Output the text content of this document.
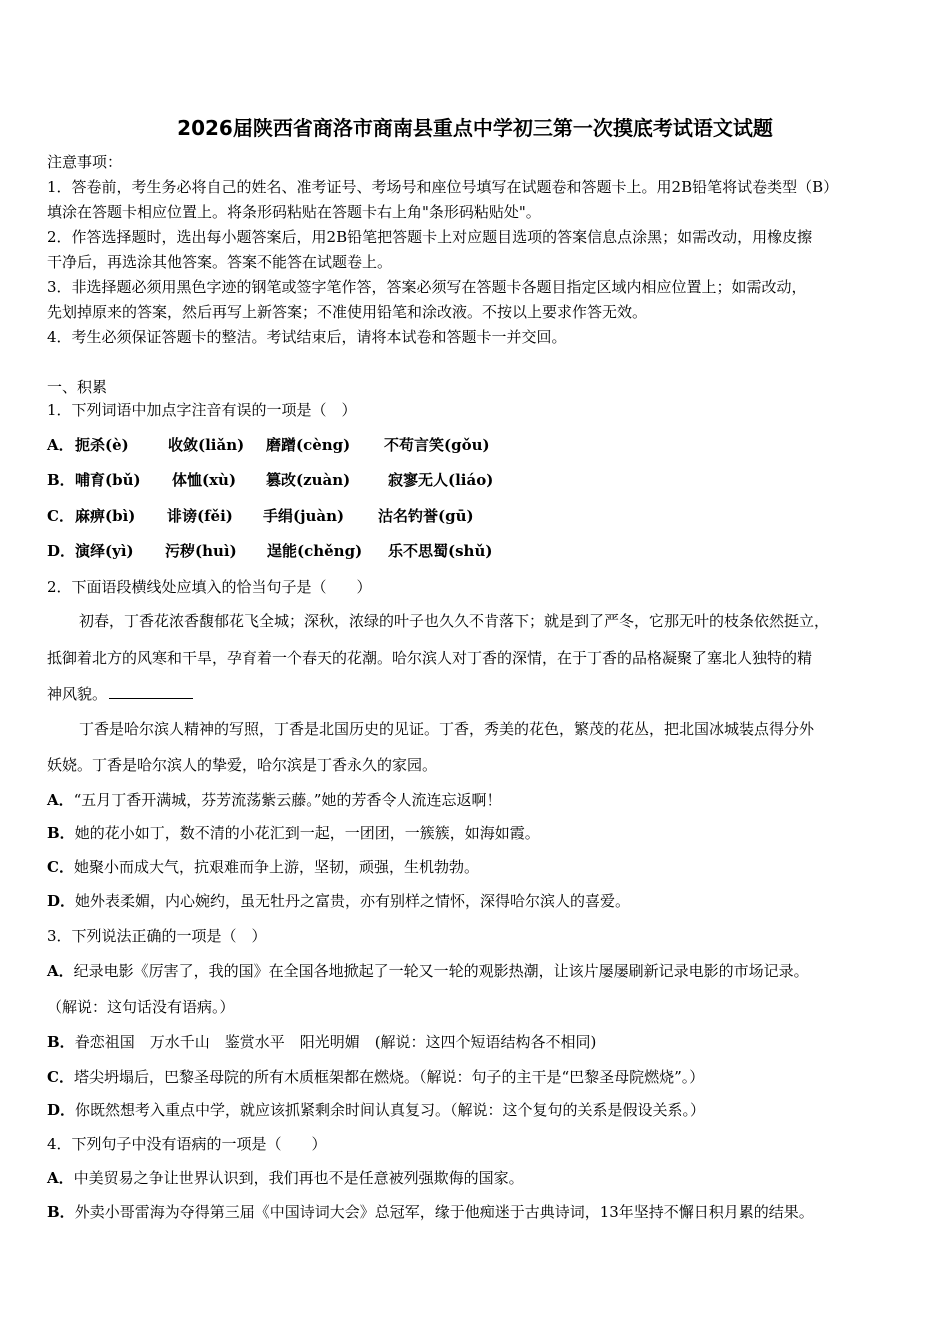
2026届陕西省商洛市商南县重点中学初三第一次摸底考试语文试题
注意事项：
1．答卷前，考生务必将自己的姓名、准考证号、考场号和座位号填写在试题卷和答题卡上。用2B铅笔将试卷类型（B）
填涂在答题卡相应位置上。将条形码粘贴在答题卡右上角"条形码粘贴处"。
2．作答选择题时，选出每小题答案后，用2B铅笔把答题卡上对应题目选项的答案信息点涂黑；如需改动，用橡皮擦
干净后，再选涂其他答案。答案不能答在试题卷上。
3．非选择题必须用黑色字迹的钢笔或签字笔作答，答案必须写在答题卡各题目指定区域内相应位置上；如需改动，
先划掉原来的答案，然后再写上新答案；不准使用铅笔和涂改液。不按以上要求作答无效。
4．考生必须保证答题卡的整洁。考试结束后，请将本试卷和答题卡一并交回。
一、积累
1．下列词语中加点字注音有误的一项是（　）
A． 扼杀(è)	收敛(liǎn) 磨蹭(cèng) 不苟言笑(gǒu)
B． 哺育(bǔ) 体恤(xù) 篡改(zuàn)	寂寥无人(liáo)
C． 麻痹(bì) 诽谤(fěi) 手绢(juàn) 沽名钓誉(gū)
D． 演绎(yì) 污秽(huì) 逞能(chěng) 乐不思蜀(shǔ)
2．下面语段横线处应填入的恰当句子是（　　）
初春，丁香花浓香馥郁花飞全城；深秋，浓绿的叶子也久久不肯落下；就是到了严冬，它那无叶的枝条依然挺立，
抵御着北方的风寒和干旱，孕育着一个春天的花潮。哈尔滨人对丁香的深情，在于丁香的品格凝聚了塞北人独特的精
神风貌。
丁香是哈尔滨人精神的写照，丁香是北国历史的见证。丁香，秀美的花色，繁茂的花丛，把北国冰城装点得分外
妖娆。丁香是哈尔滨人的挚爱，哈尔滨是丁香永久的家园。
A．“五月丁香开满城，芬芳流荡紫云藤。”她的芳香令人流连忘返啊！
B．她的花小如丁，数不清的小花汇到一起，一团团，一簇簇，如海如霞。
C．她聚小而成大气，抗艰难而争上游，坚韧，顽强，生机勃勃。
D．她外表柔媚，内心婉约，虽无牡丹之富贵，亦有别样之情怀，深得哈尔滨人的喜爱。
3．下列说法正确的一项是（　）
A．纪录电影《厉害了，我的国》在全国各地掀起了一轮又一轮的观影热潮，让该片屡屡刷新记录电影的市场记录。
（解说：这句话没有语病。）
B．眷恋祖国　万水千山　鉴赏水平　阳光明媚　(解说：这四个短语结构各不相同)
C．塔尖坍塌后，巴黎圣母院的所有木质框架都在燃烧。（解说：句子的主干是“巴黎圣母院燃烧”。）
D．你既然想考入重点中学，就应该抓紧剩余时间认真复习。（解说：这个复句的关系是假设关系。）
4．下列句子中没有语病的一项是（　　）
A．中美贸易之争让世界认识到，我们再也不是任意被列强欺侮的国家。
B．外卖小哥雷海为夺得第三届《中国诗词大会》总冠军，缘于他痴迷于古典诗词，13年坚持不懈日积月累的结果。
